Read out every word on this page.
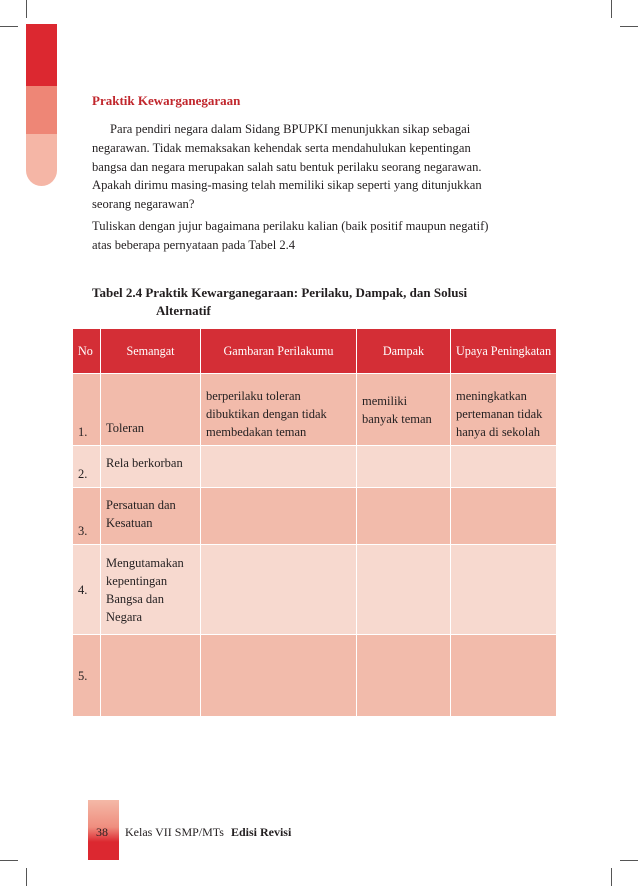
Praktik Kewarganegaraan

Para pendiri negara dalam Sidang BPUPKI menunjukkan sikap sebagai
negarawan. Tidak memaksakan kehendak serta mendahulukan kepentingan
bangsa dan negara merupakan salah satu bentuk perilaku seorang negarawan.
Apakah dirimu masing-masing telah memiliki sikap seperti yang ditunjukkan
seorang negarawan?

Tuliskan dengan jujur bagaimana perilaku kalian (baik positif maupun negatif)
atas beberapa pernyataan pada Tabel 2.4

Tabel 2.4 Praktik Kewarganegaraan: Perilaku, Dampak, dan Solusi
Alternatif
No	Semangat	Gambaran Perilakumu	Dampak	Upaya Peningkatan
1.	Toleran	berperilaku toleran dibuktikan dengan tidak membedakan teman	memiliki banyak teman	meningkatkan pertemanan tidak hanya di sekolah
2.	Rela berkorban			
3.	Persatuan dan Kesatuan			
4.	Mengutamakan kepentingan Bangsa dan Negara			
5.				
38 Kelas VII SMP/MTs Edisi Revisi
